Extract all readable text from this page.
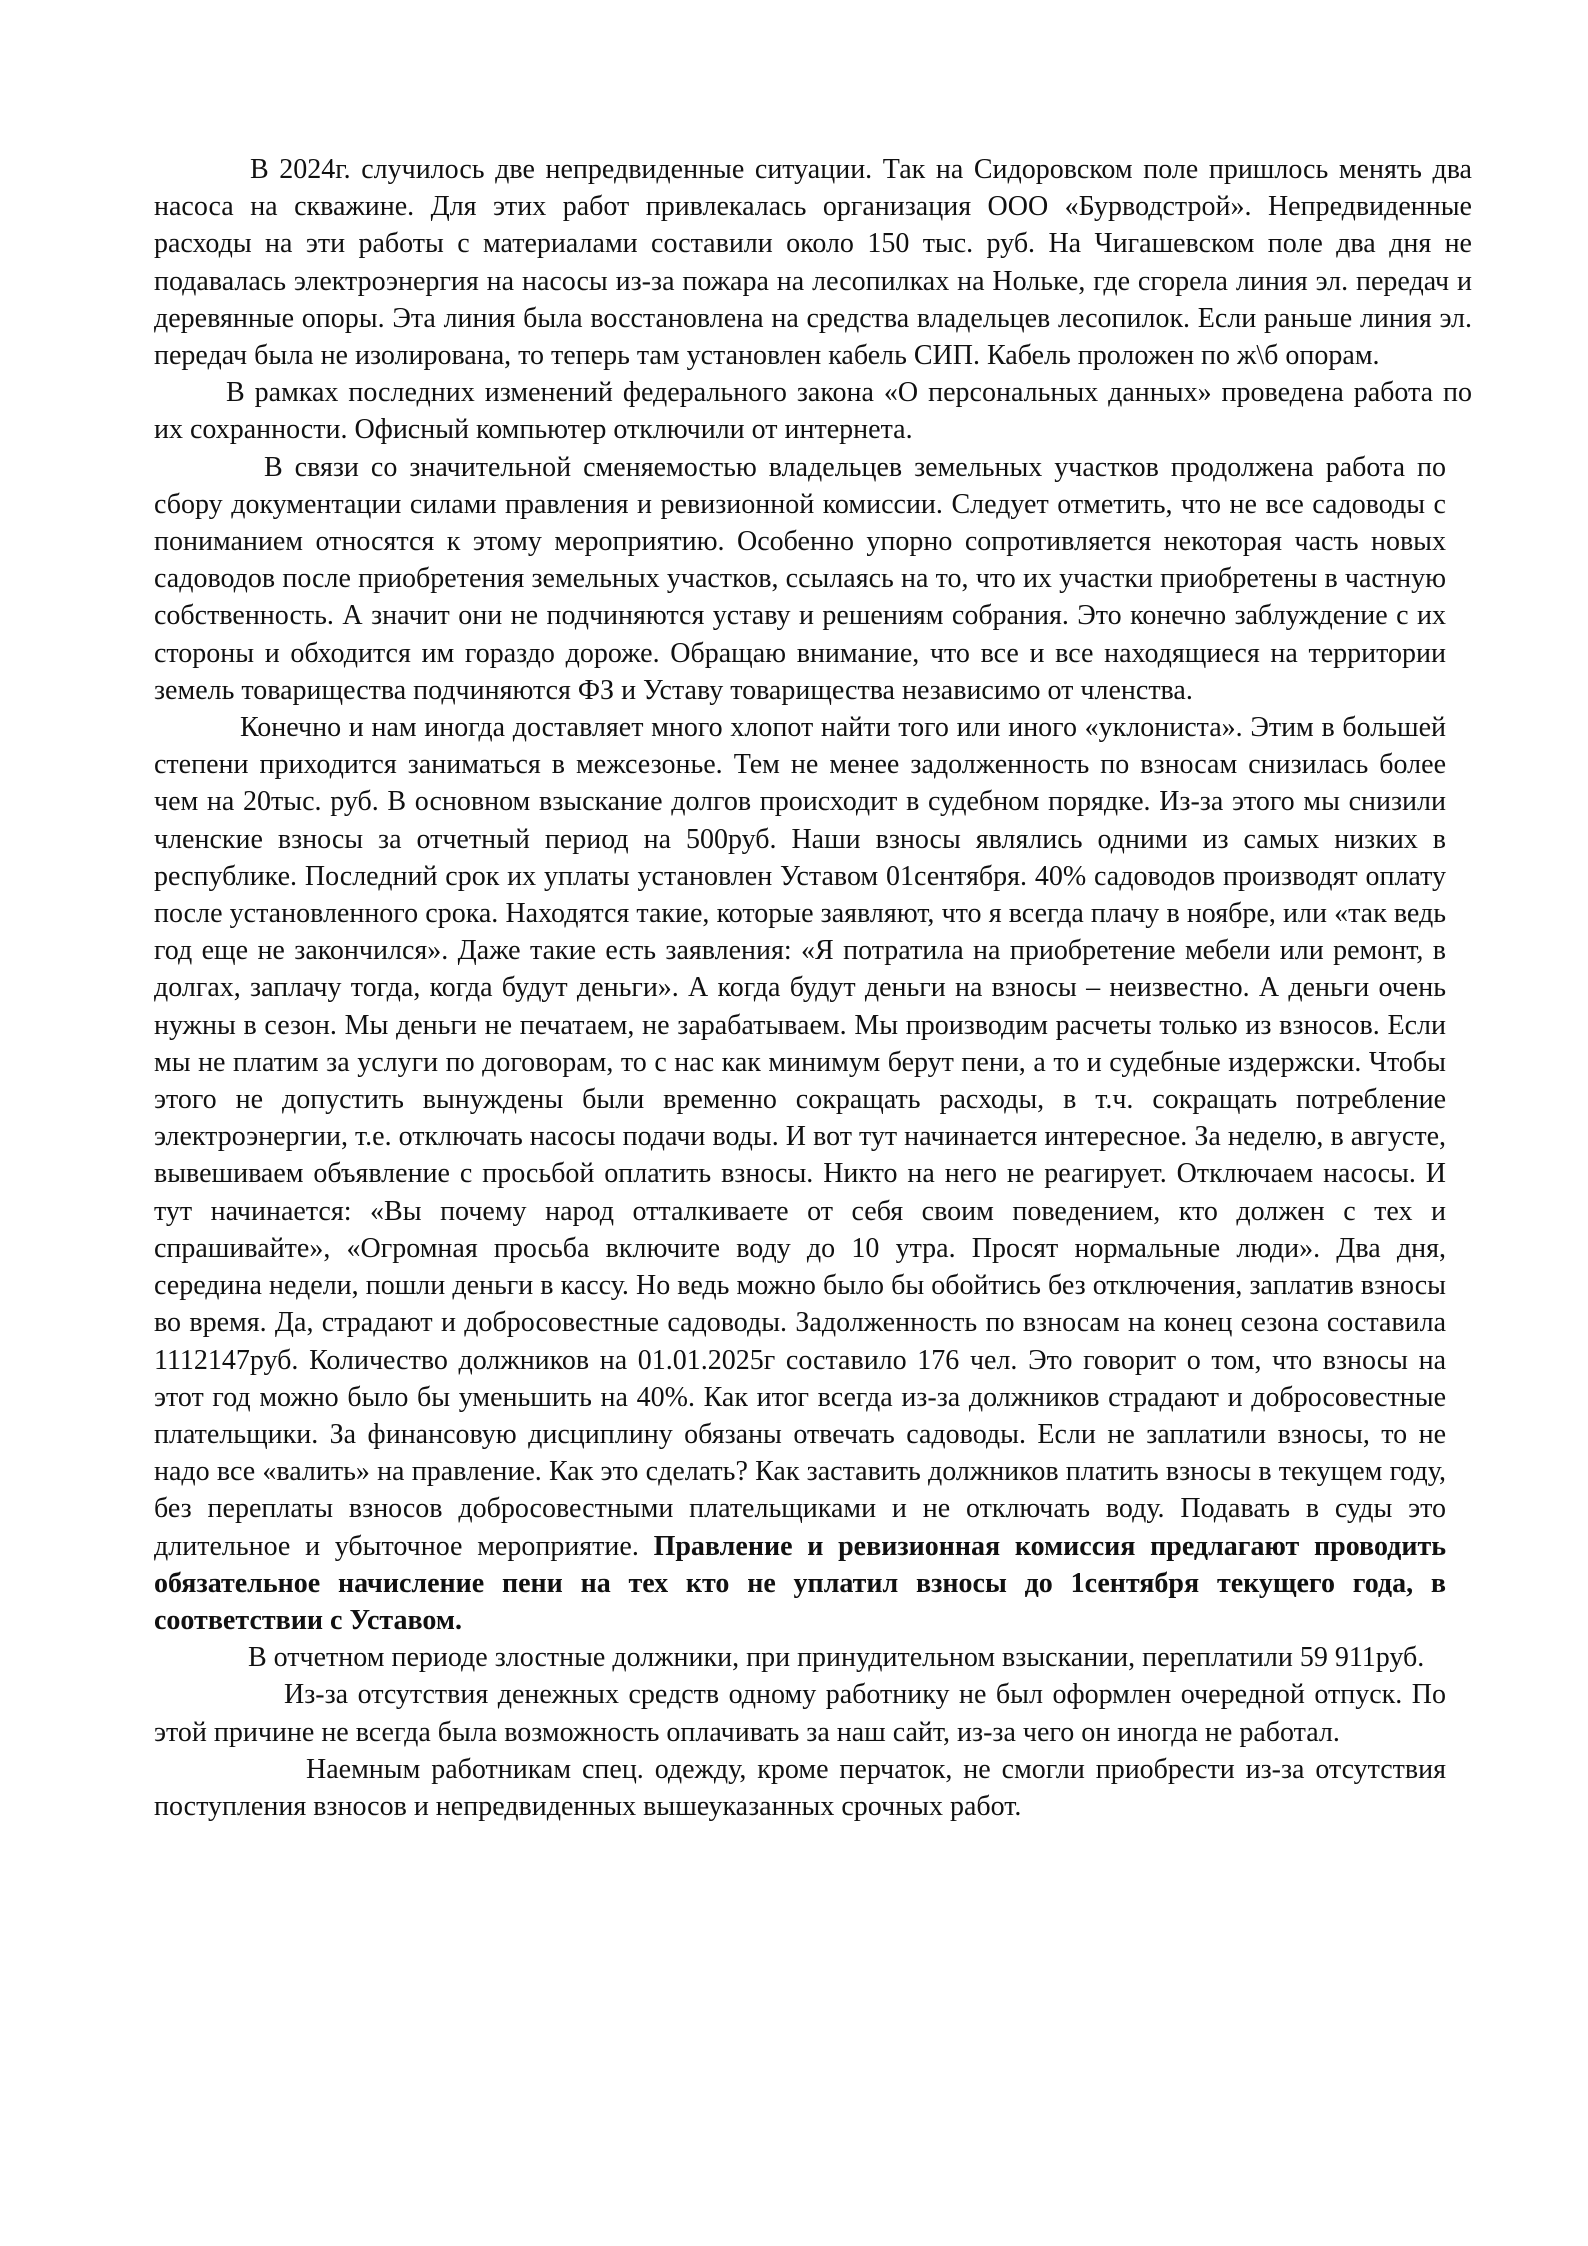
В 2024г. случилось две непредвиденные ситуации. Так на Сидоровском поле пришлось менять два насоса на скважине. Для этих работ привлекалась организация ООО «Бурводстрой». Непредвиденные расходы на эти работы с материалами составили около 150 тыс. руб. На Чигашевском поле два дня не подавалась электроэнергия на насосы из-за пожара на лесопилках на Нольке, где сгорела линия эл. передач и деревянные опоры. Эта линия была восстановлена на средства владельцев лесопилок. Если раньше линия эл. передач была не изолирована, то теперь там установлен кабель СИП. Кабель проложен по ж\б опорам.

В рамках последних изменений федерального закона «О персональных данных» проведена работа по их сохранности. Офисный компьютер отключили от интернета.

В связи со значительной сменяемостью владельцев земельных участков продолжена работа по сбору документации силами правления и ревизионной комиссии. Следует отметить, что не все садоводы с пониманием относятся к этому мероприятию. Особенно упорно сопротивляется некоторая часть новых садоводов после приобретения земельных участков, ссылаясь на то, что их участки приобретены в частную собственность. А значит они не подчиняются уставу и решениям собрания. Это конечно заблуждение с их стороны и обходится им гораздо дороже. Обращаю внимание, что все и все находящиеся на территории земель товарищества подчиняются ФЗ и Уставу товарищества независимо от членства.

Конечно и нам иногда доставляет много хлопот найти того или иного «уклониста». Этим в большей степени приходится заниматься в межсезонье. Тем не менее задолженность по взносам снизилась более чем на 20тыс. руб. В основном взыскание долгов происходит в судебном порядке. Из-за этого мы снизили членские взносы за отчетный период на 500руб. Наши взносы являлись одними из самых низких в республике. Последний срок их уплаты установлен Уставом 01сентября. 40% садоводов производят оплату после установленного срока. Находятся такие, которые заявляют, что я всегда плачу в ноябре, или «так ведь год еще не закончился». Даже такие есть заявления: «Я потратила на приобретение мебели или ремонт, в долгах, заплачу тогда, когда будут деньги». А когда будут деньги на взносы – неизвестно. А деньги очень нужны в сезон. Мы деньги не печатаем, не зарабатываем. Мы производим расчеты только из взносов. Если мы не платим за услуги по договорам, то с нас как минимум берут пени, а то и судебные издержски. Чтобы этого не допустить вынуждены были временно сокращать расходы, в т.ч. сокращать потребление электроэнергии, т.е. отключать насосы подачи воды. И вот тут начинается интересное. За неделю, в августе, вывешиваем объявление с просьбой оплатить взносы. Никто на него не реагирует. Отключаем насосы. И тут начинается: «Вы почему народ отталкиваете от себя своим поведением, кто должен с тех и спрашивайте», «Огромная просьба включите воду до 10 утра. Просят нормальные люди». Два дня, середина недели, пошли деньги в кассу. Но ведь можно было бы обойтись без отключения, заплатив взносы во время. Да, страдают и добросовестные садоводы. Задолженность по взносам на конец сезона составила 1112147руб. Количество должников на 01.01.2025г составило 176 чел. Это говорит о том, что взносы на этот год можно было бы уменьшить на 40%. Как итог всегда из-за должников страдают и добросовестные плательщики. За финансовую дисциплину обязаны отвечать садоводы. Если не заплатили взносы, то не надо все «валить» на правление. Как это сделать? Как заставить должников платить взносы в текущем году, без переплаты взносов добросовестными плательщиками и не отключать воду. Подавать в суды это длительное и убыточное мероприятие. Правление и ревизионная комиссия предлагают проводить обязательное начисление пени на тех кто не уплатил взносы до 1сентября текущего года, в соответствии с Уставом.

В отчетном периоде злостные должники, при принудительном взыскании, переплатили 59 911руб.

Из-за отсутствия денежных средств одному работнику не был оформлен очередной отпуск. По этой причине не всегда была возможность оплачивать за наш сайт, из-за чего он иногда не работал.

Наемным работникам спец. одежду, кроме перчаток, не смогли приобрести из-за отсутствия поступления взносов и непредвиденных вышеуказанных срочных работ.
